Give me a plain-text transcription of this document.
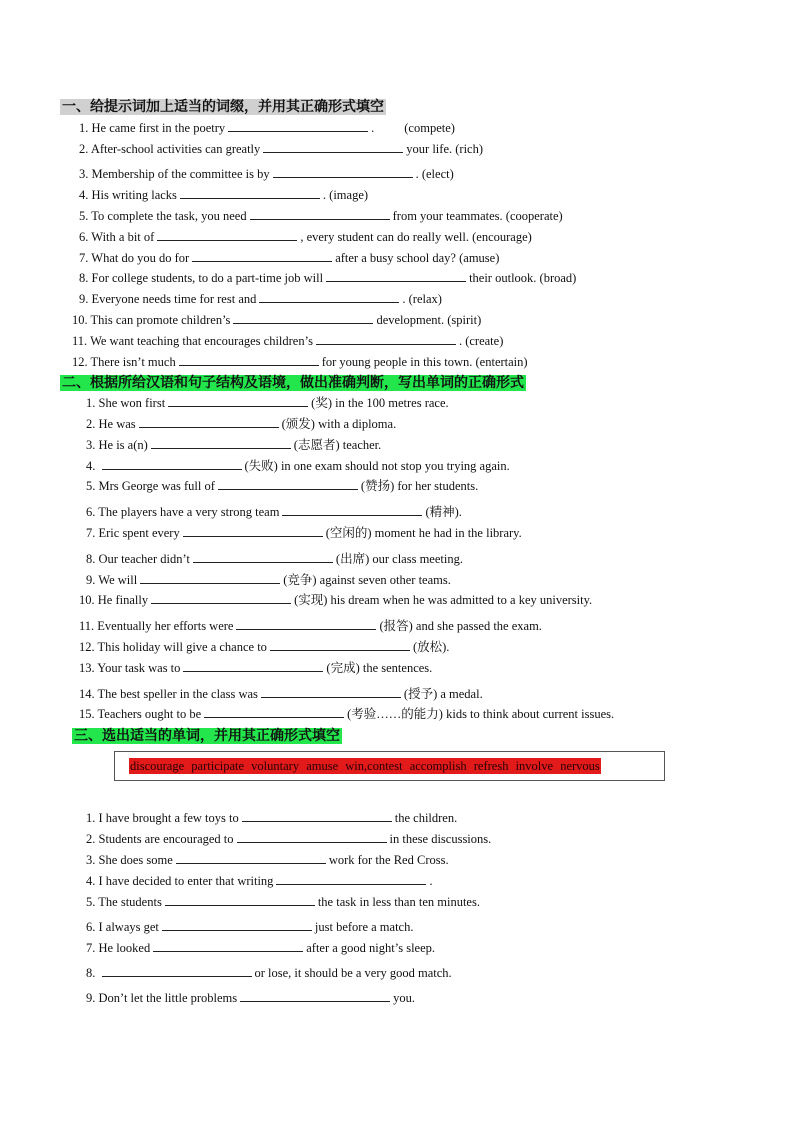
一、给提示词加上适当的词缀，并用其正确形式填空
1. He came first in the poetry	. (compete)
2. After-school activities can greatly	your life. (rich)
3. Membership of the committee is by	. (elect)
4. His writing lacks	. (image)
5. To complete the task, you need	from your teammates. (cooperate)
6. With a bit of	, every student can do really well. (encourage)
7. What do you do for	after a busy school day? (amuse)
8. For college students, to do a part-time job will	their outlook. (broad)
9. Everyone needs time for rest and	. (relax)
10. This can promote children’s	development. (spirit)
11. We want teaching that encourages children’s	. (create)
12. There isn’t much	for young people in this town. (entertain)
二、根据所给汉语和句子结构及语境，做出准确判断，写出单词的正确形式
1. She won first	(奖) in the 100 metres race.
2. He was	(颁发) with a diploma.
3. He is a(n)	(志愿者) teacher.
4.	(失败) in one exam should not stop you trying again.
5. Mrs George was full of	(赞扬) for her students.
6. The players have a very strong team	(精神).
7. Eric spent every	(空闲的) moment he had in the library.
8. Our teacher didn’t	(出席) our class meeting.
9. We will	(竞争) against seven other teams.
10. He finally	(实现) his dream when he was admitted to a key university.
11. Eventually her efforts were	(报答) and she passed the exam.
12. This holiday will give a chance to	(放松).
13. Your task was to	(完成) the sentences.
14. The best speller in the class was	(授予) a medal.
15. Teachers ought to be	(考验……的能力) kids to think about current issues.
三、选出适当的单词，并用其正确形式填空
discourage participate voluntary amuse win,contest accomplish refresh involve nervous
1. I have brought a few toys to	the children.
2. Students are encouraged to	in these discussions.
3. She does some	work for the Red Cross.
4. I have decided to enter that writing	.
5. The students	the task in less than ten minutes.
6. I always get	just before a match.
7. He looked	after a good night’s sleep.
8.	or lose, it should be a very good match.
9. Don’t let the little problems	you.
